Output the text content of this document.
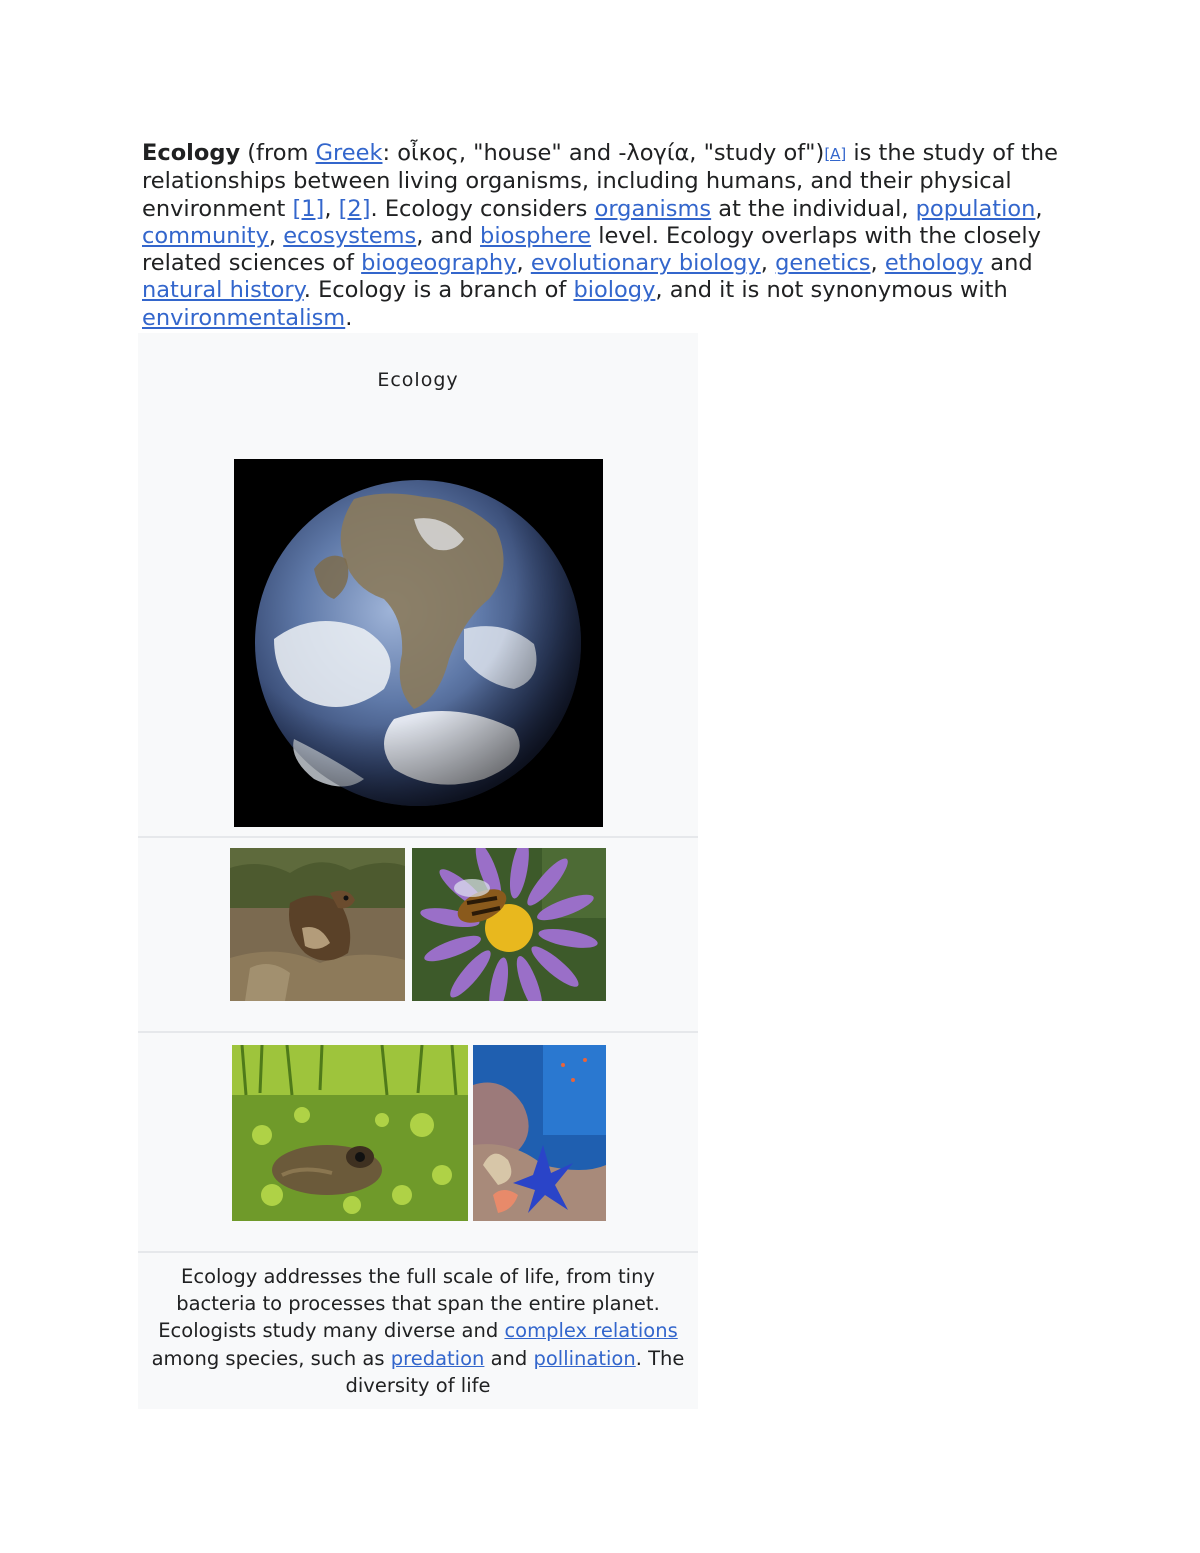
Ecology (from Greek: οἶκος, "house" and -λογία, "study of")[A] is the study of the relationships between living organisms, including humans, and their physical environment [1], [2]. Ecology considers organisms at the individual, population, community, ecosystems, and biosphere level. Ecology overlaps with the closely related sciences of biogeography, evolutionary biology, genetics, ethology and natural history. Ecology is a branch of biology, and it is not synonymous with environmentalism.
Ecology
Ecology addresses the full scale of life, from tiny bacteria to processes that span the entire planet. Ecologists study many diverse and complex relations among species, such as predation and pollination. The diversity of life
